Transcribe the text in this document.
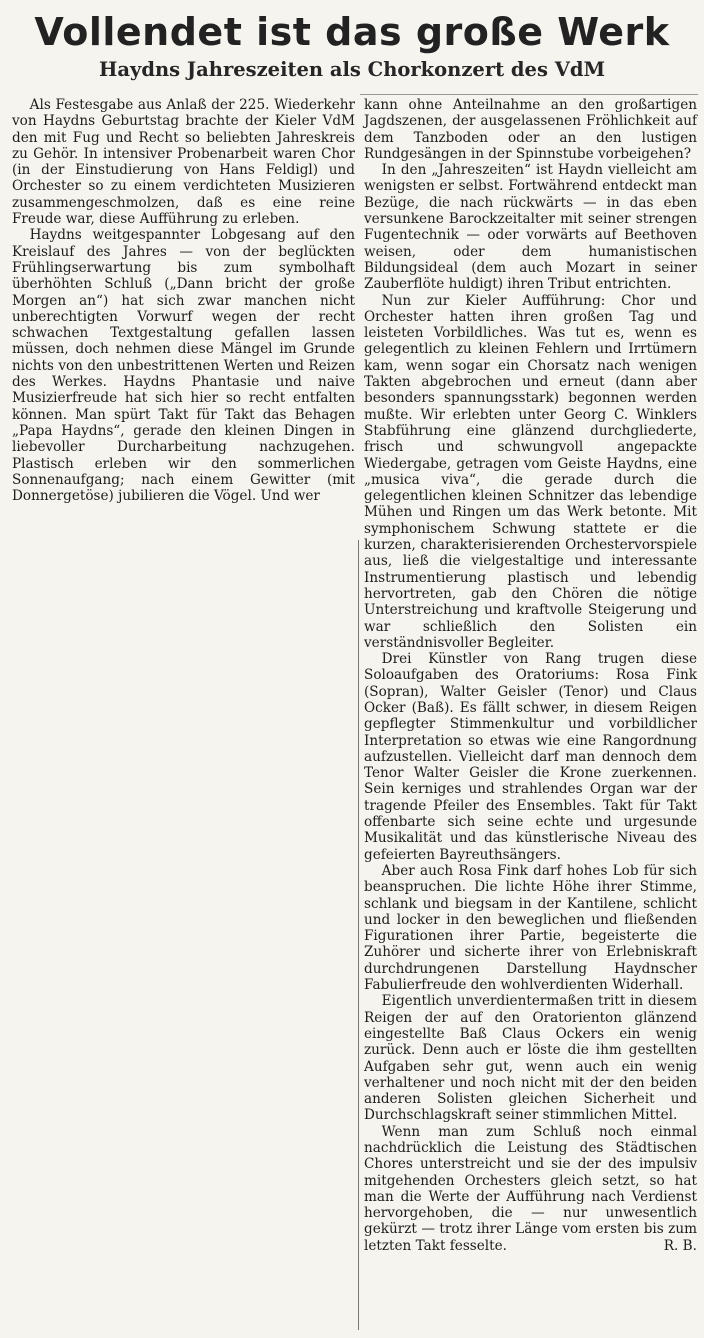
Vollendet ist das große Werk
Haydns Jahreszeiten als Chorkonzert des VdM

Als Festesgabe aus Anlaß der 225. Wiederkehr von Haydns Geburtstag brachte der Kieler VdM den mit Fug und Recht so beliebten Jahreskreis zu Gehör. In intensiver Probenarbeit waren Chor (in der Einstudierung von Hans Feldigl) und Orchester so zu einem verdichteten Musizieren zusammengeschmolzen, daß es eine reine Freude war, diese Aufführung zu erleben.

Haydns weitgespannter Lobgesang auf den Kreislauf des Jahres — von der beglückten Frühlingserwartung bis zum symbolhaft überhöhten Schluß („Dann bricht der große Morgen an“) hat sich zwar manchen nicht unberechtigten Vorwurf wegen der recht schwachen Textgestaltung gefallen lassen müssen, doch nehmen diese Mängel im Grunde nichts von den unbestrittenen Werten und Reizen des Werkes. Haydns Phantasie und naive Musizierfreude hat sich hier so recht entfalten können. Man spürt Takt für Takt das Behagen „Papa Haydns“, gerade den kleinen Dingen in liebevoller Durcharbeitung nachzugehen. Plastisch erleben wir den sommerlichen Sonnenaufgang; nach einem Gewitter (mit Donnergetöse) jubilieren die Vögel. Und wer

kann ohne Anteilnahme an den großartigen Jagdszenen, der ausgelassenen Fröhlichkeit auf dem Tanzboden oder an den lustigen Rundgesängen in der Spinnstube vorbeigehen?

In den „Jahreszeiten“ ist Haydn vielleicht am wenigsten er selbst. Fortwährend entdeckt man Bezüge, die nach rückwärts — in das eben versunkene Barockzeitalter mit seiner strengen Fugentechnik — oder vorwärts auf Beethoven weisen, oder dem humanistischen Bildungsideal (dem auch Mozart in seiner Zauberflöte huldigt) ihren Tribut entrichten.

Nun zur Kieler Aufführung: Chor und Orchester hatten ihren großen Tag und leisteten Vorbildliches. Was tut es, wenn es gelegentlich zu kleinen Fehlern und Irrtümern kam, wenn sogar ein Chorsatz nach wenigen Takten abgebrochen und erneut (dann aber besonders spannungsstark) begonnen werden mußte. Wir erlebten unter Georg C. Winklers Stabführung eine glänzend durchgliederte, frisch und schwungvoll angepackte Wiedergabe, getragen vom Geiste Haydns, eine „musica viva“, die gerade durch die gelegentlichen kleinen Schnitzer das lebendige Mühen und Ringen um das Werk betonte. Mit symphonischem Schwung stattete er die kurzen, charakterisierenden Orchestervorspiele aus, ließ die vielgestaltige und interessante Instrumentierung plastisch und lebendig hervortreten, gab den Chören die nötige Unterstreichung und kraftvolle Steigerung und war schließlich den Solisten ein verständnisvoller Begleiter.

Drei Künstler von Rang trugen diese Soloaufgaben des Oratoriums: Rosa Fink (Sopran), Walter Geisler (Tenor) und Claus Ocker (Baß). Es fällt schwer, in diesem Reigen gepflegter Stimmenkultur und vorbildlicher Interpretation so etwas wie eine Rangordnung aufzustellen. Vielleicht darf man dennoch dem Tenor Walter Geisler die Krone zuerkennen. Sein kerniges und strahlendes Organ war der tragende Pfeiler des Ensembles. Takt für Takt offenbarte sich seine echte und urgesunde Musikalität und das künstlerische Niveau des gefeierten Bayreuthsängers.

Aber auch Rosa Fink darf hohes Lob für sich beanspruchen. Die lichte Höhe ihrer Stimme, schlank und biegsam in der Kantilene, schlicht und locker in den beweglichen und fließenden Figurationen ihrer Partie, begeisterte die Zuhörer und sicherte ihrer von Erlebniskraft durchdrungenen Darstellung Haydnscher Fabulierfreude den wohlverdienten Widerhall.

Eigentlich unverdientermaßen tritt in diesem Reigen der auf den Oratorienton glänzend eingestellte Baß Claus Ockers ein wenig zurück. Denn auch er löste die ihm gestellten Aufgaben sehr gut, wenn auch ein wenig verhaltener und noch nicht mit der den beiden anderen Solisten gleichen Sicherheit und Durchschlagskraft seiner stimmlichen Mittel.

Wenn man zum Schluß noch einmal nachdrücklich die Leistung des Städtischen Chores unterstreicht und sie der des impulsiv mitgehenden Orchesters gleich setzt, so hat man die Werte der Aufführung nach Verdienst hervorgehoben, die — nur unwesentlich gekürzt — trotz ihrer Länge vom ersten bis zum letzten Takt fesselte.	R. B.
